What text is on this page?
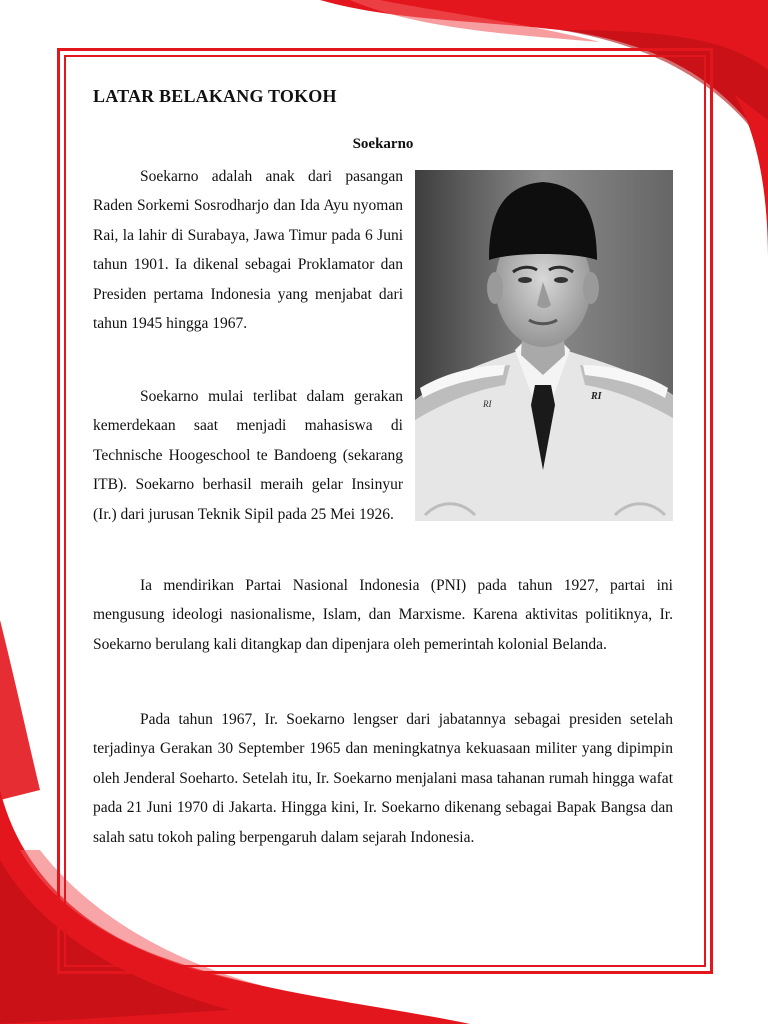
LATAR BELAKANG TOKOH
Soekarno

Soekarno adalah anak dari pasangan Raden Sorkemi Sosrodharjo dan Ida Ayu nyoman Rai, la lahir di Surabaya, Jawa Timur pada 6 Juni tahun 1901. Ia dikenal sebagai Proklamator dan Presiden pertama Indonesia yang menjabat dari tahun 1945 hingga 1967.

RI
RI

Soekarno mulai terlibat dalam gerakan kemerdekaan saat menjadi mahasiswa di Technische Hoogeschool te Bandoeng (sekarang ITB). Soekarno berhasil meraih gelar Insinyur (Ir.) dari jurusan Teknik Sipil pada 25 Mei 1926.

Ia mendirikan Partai Nasional Indonesia (PNI) pada tahun 1927, partai ini mengusung ideologi nasionalisme, Islam, dan Marxisme. Karena aktivitas politiknya, Ir. Soekarno berulang kali ditangkap dan dipenjara oleh pemerintah kolonial Belanda.

Pada tahun 1967, Ir. Soekarno lengser dari jabatannya sebagai presiden setelah terjadinya Gerakan 30 September 1965 dan meningkatnya kekuasaan militer yang dipimpin oleh Jenderal Soeharto. Setelah itu, Ir. Soekarno menjalani masa tahanan rumah hingga wafat pada 21 Juni 1970 di Jakarta. Hingga kini, Ir. Soekarno dikenang sebagai Bapak Bangsa dan salah satu tokoh paling berpengaruh dalam sejarah Indonesia.
